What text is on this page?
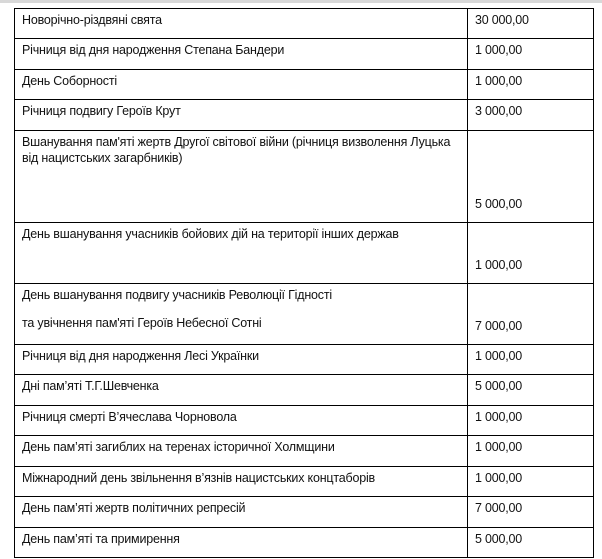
Новорічно-різдвяні свята	30 000,00
Річниця від дня народження Степана Бандери	1 000,00
День Соборності	1 000,00
Річниця подвигу Героїв Крут	3 000,00
Вшанування пам'яті жертв Другої світової війни (річниця визволення Луцька від нацистських загарбників)	5 000,00
День вшанування учасників бойових дій на території інших держав	1 000,00
День вшанування подвигу учасників Революції Гідності
та увічнення пам'яті Героїв Небесної Сотні	7 000,00
Річниця від дня народження Лесі Українки	1 000,00
Дні пам’яті Т.Г.Шевченка	5 000,00
Річниця смерті В’ячеслава Чорновола	1 000,00
День пам’яті загиблих на теренах історичної Холмщини	1 000,00
Міжнародний день звільнення в’язнів нацистських концтаборів	1 000,00
День пам’яті жертв політичних репресій	7 000,00
День пам’яті та примирення	5 000,00
